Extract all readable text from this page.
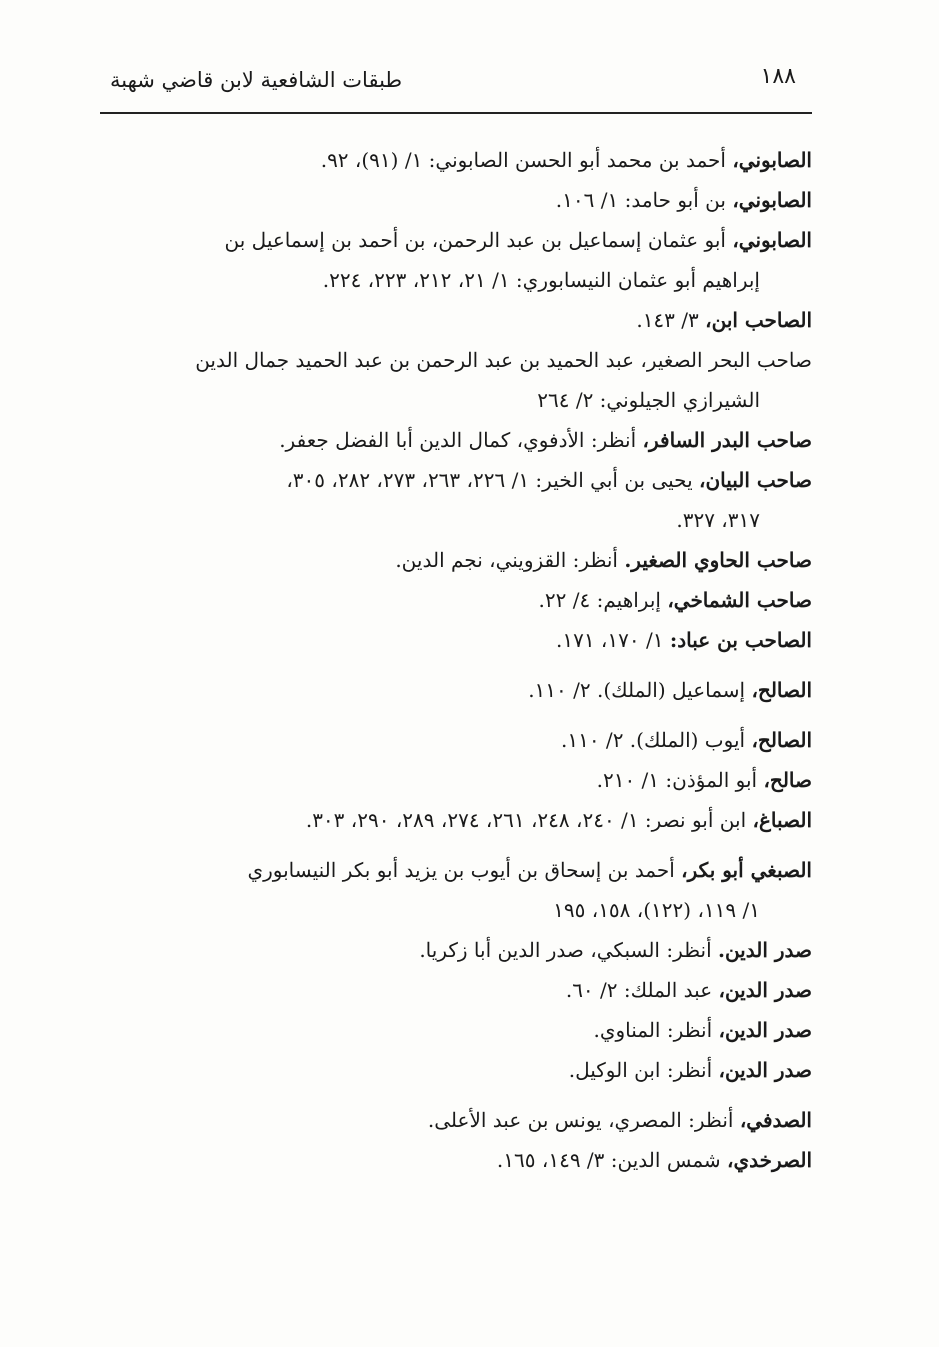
١٨٨
طبقات الشافعية لابن قاضي شهبة

الصابوني، أحمد بن محمد أبو الحسن الصابوني: ١/ (٩١)، ٩٢.

الصابوني، بن أبو حامد: ١/ ١٠٦.

الصابوني، أبو عثمان إسماعيل بن عبد الرحمن، بن أحمد بن إسماعيل بن
إبراهيم أبو عثمان النيسابوري: ١/ ٢١، ٢١٢، ٢٢٣، ٢٢٤.

الصاحب ابن، ٣/ ١٤٣.

صاحب البحر الصغير، عبد الحميد بن عبد الرحمن بن عبد الحميد جمال الدين
الشيرازي الجيلوني: ٢/ ٢٦٤

صاحب البدر السافر، أنظر: الأدفوي، كمال الدين أبا الفضل جعفر.

صاحب البيان، يحيى بن أبي الخير: ١/ ٢٢٦، ٢٦٣، ٢٧٣، ٢٨٢، ٣٠٥،
٣١٧، ٣٢٧.

صاحب الحاوي الصغير. أنظر: القزويني، نجم الدين.

صاحب الشماخي، إبراهيم: ٤/ ٢٢.

الصاحب بن عباد: ١/ ١٧٠، ١٧١.

الصالح، إسماعيل (الملك). ٢/ ١١٠.

الصالح، أيوب (الملك). ٢/ ١١٠.

صالح، أبو المؤذن: ١/ ٢١٠.

الصباغ، ابن أبو نصر: ١/ ٢٤٠، ٢٤٨، ٢٦١، ٢٧٤، ٢٨٩، ٢٩٠، ٣٠٣.

الصبغي أبو بكر، أحمد بن إسحاق بن أيوب بن يزيد أبو بكر النيسابوري
١/ ١١٩، (١٢٢)، ١٥٨، ١٩٥

صدر الدين. أنظر: السبكي، صدر الدين أبا زكريا.

صدر الدين، عبد الملك: ٢/ ٦٠.

صدر الدين، أنظر: المناوي.

صدر الدين، أنظر: ابن الوكيل.

الصدفي، أنظر: المصري، يونس بن عبد الأعلى.

الصرخدي، شمس الدين: ٣/ ١٤٩، ١٦٥.
